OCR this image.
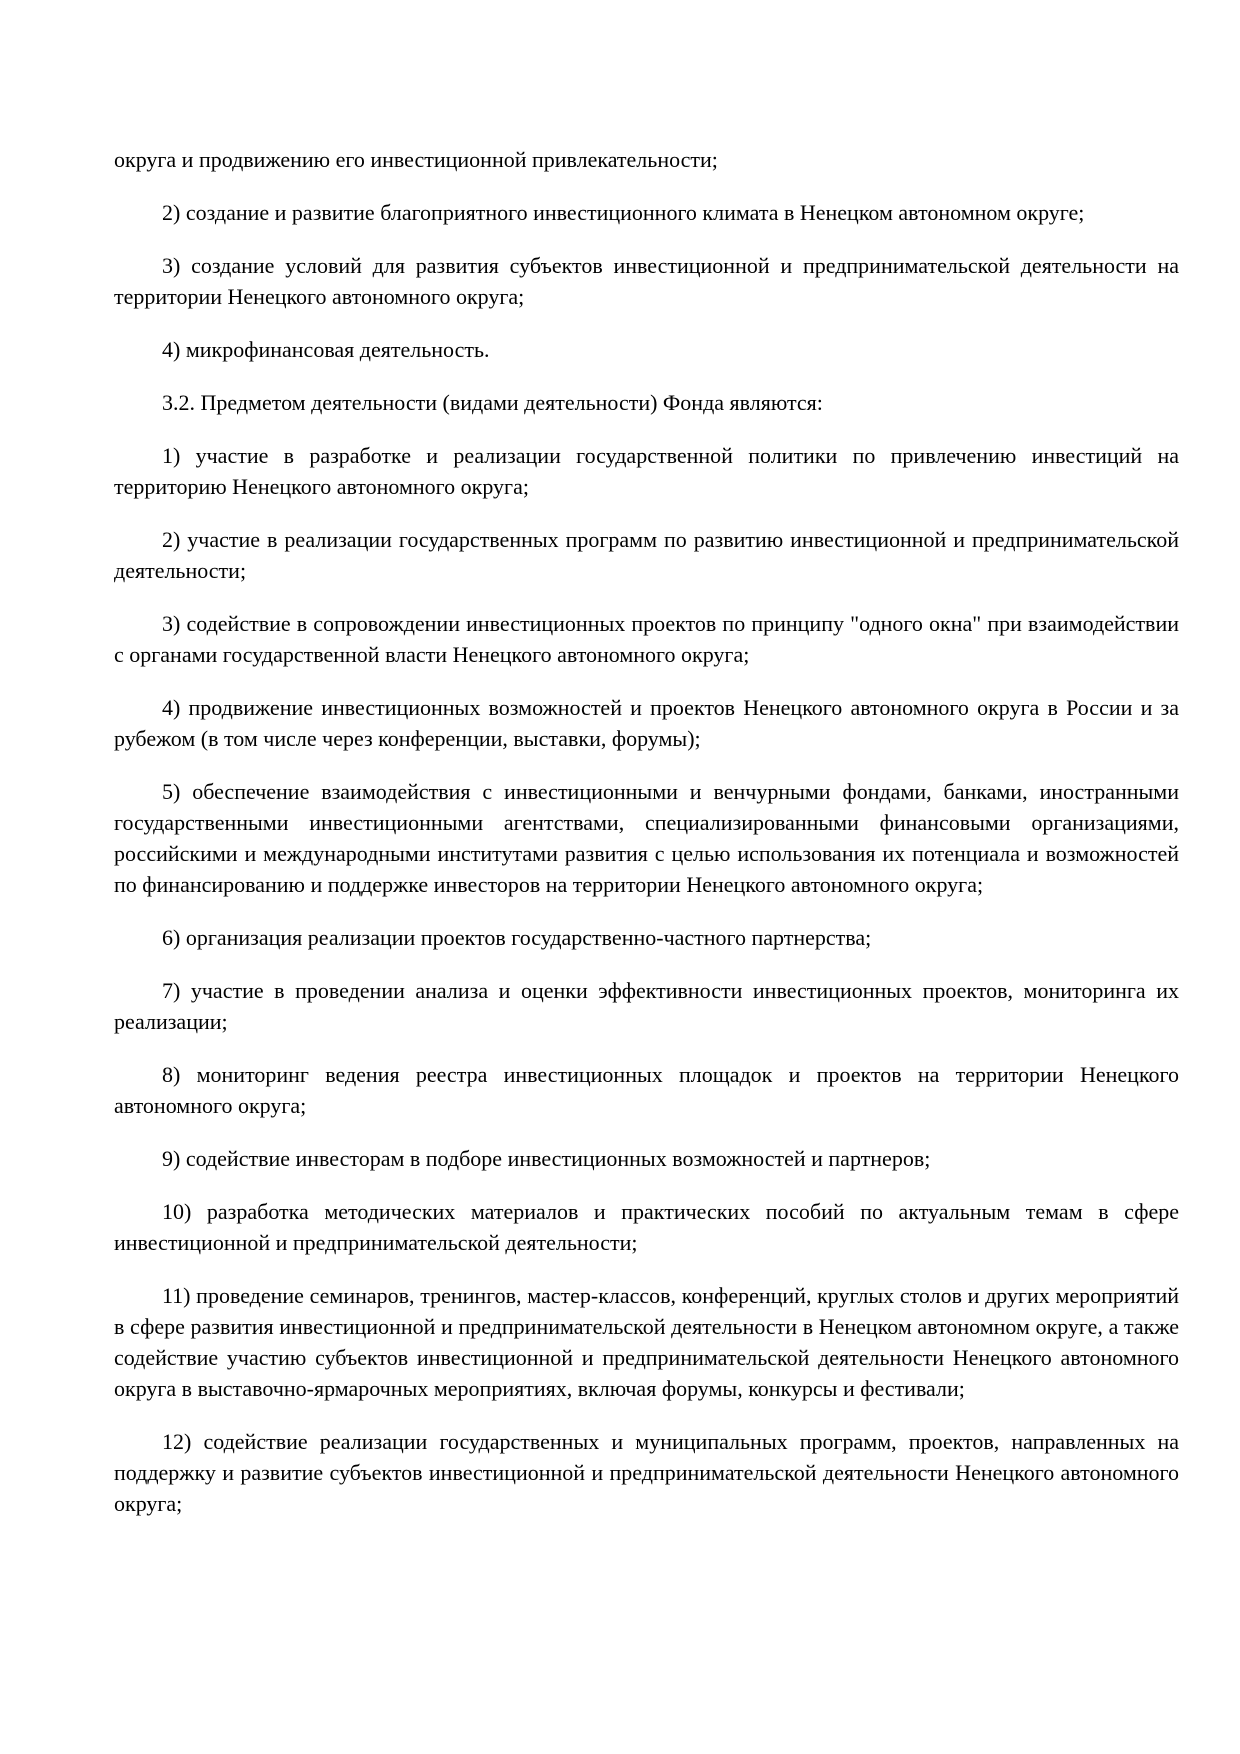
округа и продвижению его инвестиционной привлекательности;

2) создание и развитие благоприятного инвестиционного климата в Ненецком автономном округе;

3) создание условий для развития субъектов инвестиционной и предпринимательской деятельности на территории Ненецкого автономного округа;

4) микрофинансовая деятельность.

3.2. Предметом деятельности (видами деятельности) Фонда являются:

1) участие в разработке и реализации государственной политики по привлечению инвестиций на территорию Ненецкого автономного округа;

2) участие в реализации государственных программ по развитию инвестиционной и предпринимательской деятельности;

3) содействие в сопровождении инвестиционных проектов по принципу "одного окна" при взаимодействии с органами государственной власти Ненецкого автономного округа;

4) продвижение инвестиционных возможностей и проектов Ненецкого автономного округа в России и за рубежом (в том числе через конференции, выставки, форумы);

5) обеспечение взаимодействия с инвестиционными и венчурными фондами, банками, иностранными государственными инвестиционными агентствами, специализированными финансовыми организациями, российскими и международными институтами развития с целью использования их потенциала и возможностей по финансированию и поддержке инвесторов на территории Ненецкого автономного округа;

6) организация реализации проектов государственно-частного партнерства;

7) участие в проведении анализа и оценки эффективности инвестиционных проектов, мониторинга их реализации;

8) мониторинг ведения реестра инвестиционных площадок и проектов на территории Ненецкого автономного округа;

9) содействие инвесторам в подборе инвестиционных возможностей и партнеров;

10) разработка методических материалов и практических пособий по актуальным темам в сфере инвестиционной и предпринимательской деятельности;

11) проведение семинаров, тренингов, мастер-классов, конференций, круглых столов и других мероприятий в сфере развития инвестиционной и предпринимательской деятельности в Ненецком автономном округе, а также содействие участию субъектов инвестиционной и предпринимательской деятельности Ненецкого автономного округа в выставочно-ярмарочных мероприятиях, включая форумы, конкурсы и фестивали;

12) содействие реализации государственных и муниципальных программ, проектов, направленных на поддержку и развитие субъектов инвестиционной и предпринимательской деятельности Ненецкого автономного округа;
